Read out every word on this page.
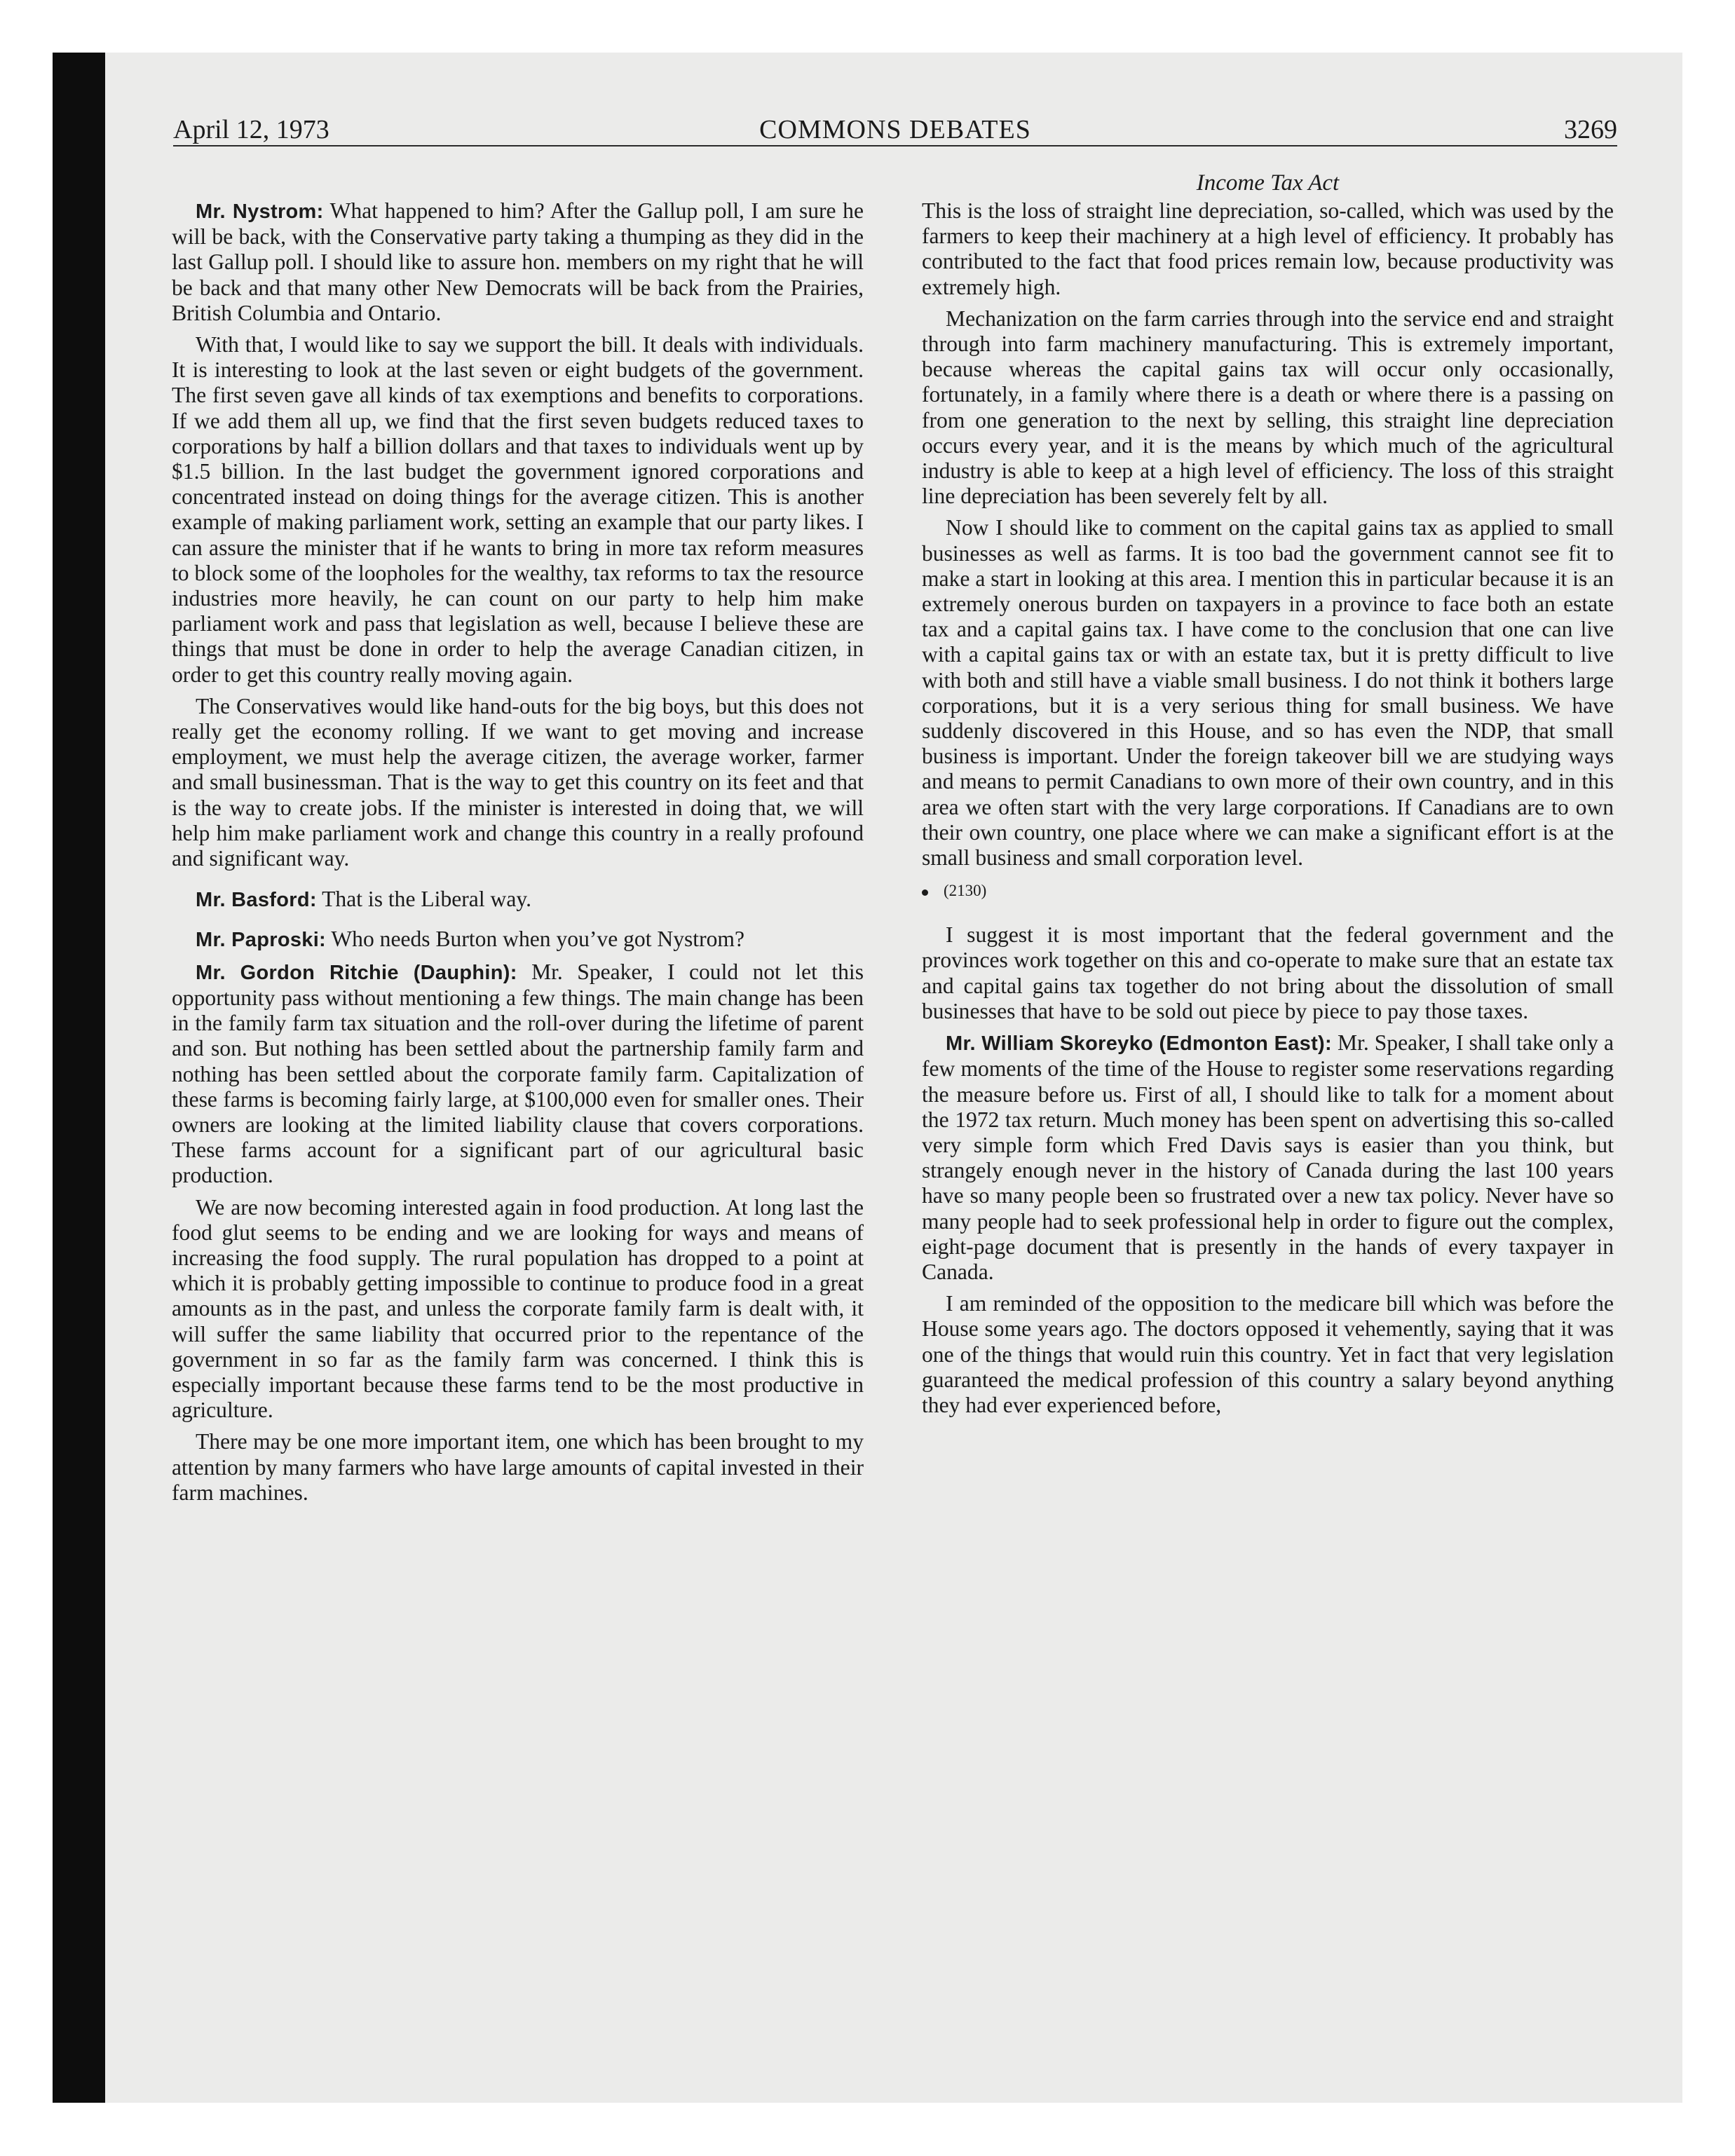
April 12, 1973	COMMONS DEBATES	3269
Income Tax Act

Mr. Nystrom: What happened to him? After the Gallup poll, I am sure he will be back, with the Conservative party taking a thumping as they did in the last Gallup poll. I should like to assure hon. members on my right that he will be back and that many other New Democrats will be back from the Prairies, British Columbia and Ontario.

With that, I would like to say we support the bill. It deals with individuals. It is interesting to look at the last seven or eight budgets of the government. The first seven gave all kinds of tax exemptions and benefits to corporations. If we add them all up, we find that the first seven budgets reduced taxes to corporations by half a billion dollars and that taxes to individuals went up by $1.5 billion. In the last budget the government ignored corporations and concentrated instead on doing things for the average citizen. This is another example of making parliament work, setting an example that our party likes. I can assure the minister that if he wants to bring in more tax reform measures to block some of the loopholes for the wealthy, tax reforms to tax the resource industries more heavily, he can count on our party to help him make parliament work and pass that legislation as well, because I believe these are things that must be done in order to help the average Canadian citizen, in order to get this country really moving again.

The Conservatives would like hand-outs for the big boys, but this does not really get the economy rolling. If we want to get moving and increase employment, we must help the average citizen, the average worker, farmer and small businessman. That is the way to get this country on its feet and that is the way to create jobs. If the minister is interested in doing that, we will help him make parliament work and change this country in a really profound and significant way.

Mr. Basford: That is the Liberal way.

Mr. Paproski: Who needs Burton when you’ve got Nystrom?

Mr. Gordon Ritchie (Dauphin): Mr. Speaker, I could not let this opportunity pass without mentioning a few things. The main change has been in the family farm tax situation and the roll-over during the lifetime of parent and son. But nothing has been settled about the partnership family farm and nothing has been settled about the corporate family farm. Capitalization of these farms is becoming fairly large, at $100,000 even for smaller ones. Their owners are looking at the limited liability clause that covers corporations. These farms account for a significant part of our agricultural basic production.

We are now becoming interested again in food production. At long last the food glut seems to be ending and we are looking for ways and means of increasing the food supply. The rural population has dropped to a point at which it is probably getting impossible to continue to produce food in a great amounts as in the past, and unless the corporate family farm is dealt with, it will suffer the same liability that occurred prior to the repentance of the government in so far as the family farm was concerned. I think this is especially important because these farms tend to be the most productive in agriculture.

There may be one more important item, one which has been brought to my attention by many farmers who have large amounts of capital invested in their farm machines.

This is the loss of straight line depreciation, so-called, which was used by the farmers to keep their machinery at a high level of efficiency. It probably has contributed to the fact that food prices remain low, because productivity was extremely high.

Mechanization on the farm carries through into the service end and straight through into farm machinery manufacturing. This is extremely important, because whereas the capital gains tax will occur only occasionally, fortunately, in a family where there is a death or where there is a passing on from one generation to the next by selling, this straight line depreciation occurs every year, and it is the means by which much of the agricultural industry is able to keep at a high level of efficiency. The loss of this straight line depreciation has been severely felt by all.

Now I should like to comment on the capital gains tax as applied to small businesses as well as farms. It is too bad the government cannot see fit to make a start in looking at this area. I mention this in particular because it is an extremely onerous burden on taxpayers in a province to face both an estate tax and a capital gains tax. I have come to the conclusion that one can live with a capital gains tax or with an estate tax, but it is pretty difficult to live with both and still have a viable small business. I do not think it bothers large corporations, but it is a very serious thing for small business. We have suddenly discovered in this House, and so has even the NDP, that small business is important. Under the foreign takeover bill we are studying ways and means to permit Canadians to own more of their own country, and in this area we often start with the very large corporations. If Canadians are to own their own country, one place where we can make a significant effort is at the small business and small corporation level.

(2130)

I suggest it is most important that the federal government and the provinces work together on this and co-operate to make sure that an estate tax and capital gains tax together do not bring about the dissolution of small businesses that have to be sold out piece by piece to pay those taxes.

Mr. William Skoreyko (Edmonton East): Mr. Speaker, I shall take only a few moments of the time of the House to register some reservations regarding the measure before us. First of all, I should like to talk for a moment about the 1972 tax return. Much money has been spent on advertising this so-called very simple form which Fred Davis says is easier than you think, but strangely enough never in the history of Canada during the last 100 years have so many people been so frustrated over a new tax policy. Never have so many people had to seek professional help in order to figure out the complex, eight-page document that is presently in the hands of every taxpayer in Canada.

I am reminded of the opposition to the medicare bill which was before the House some years ago. The doctors opposed it vehemently, saying that it was one of the things that would ruin this country. Yet in fact that very legislation guaranteed the medical profession of this country a salary beyond anything they had ever experienced before,
